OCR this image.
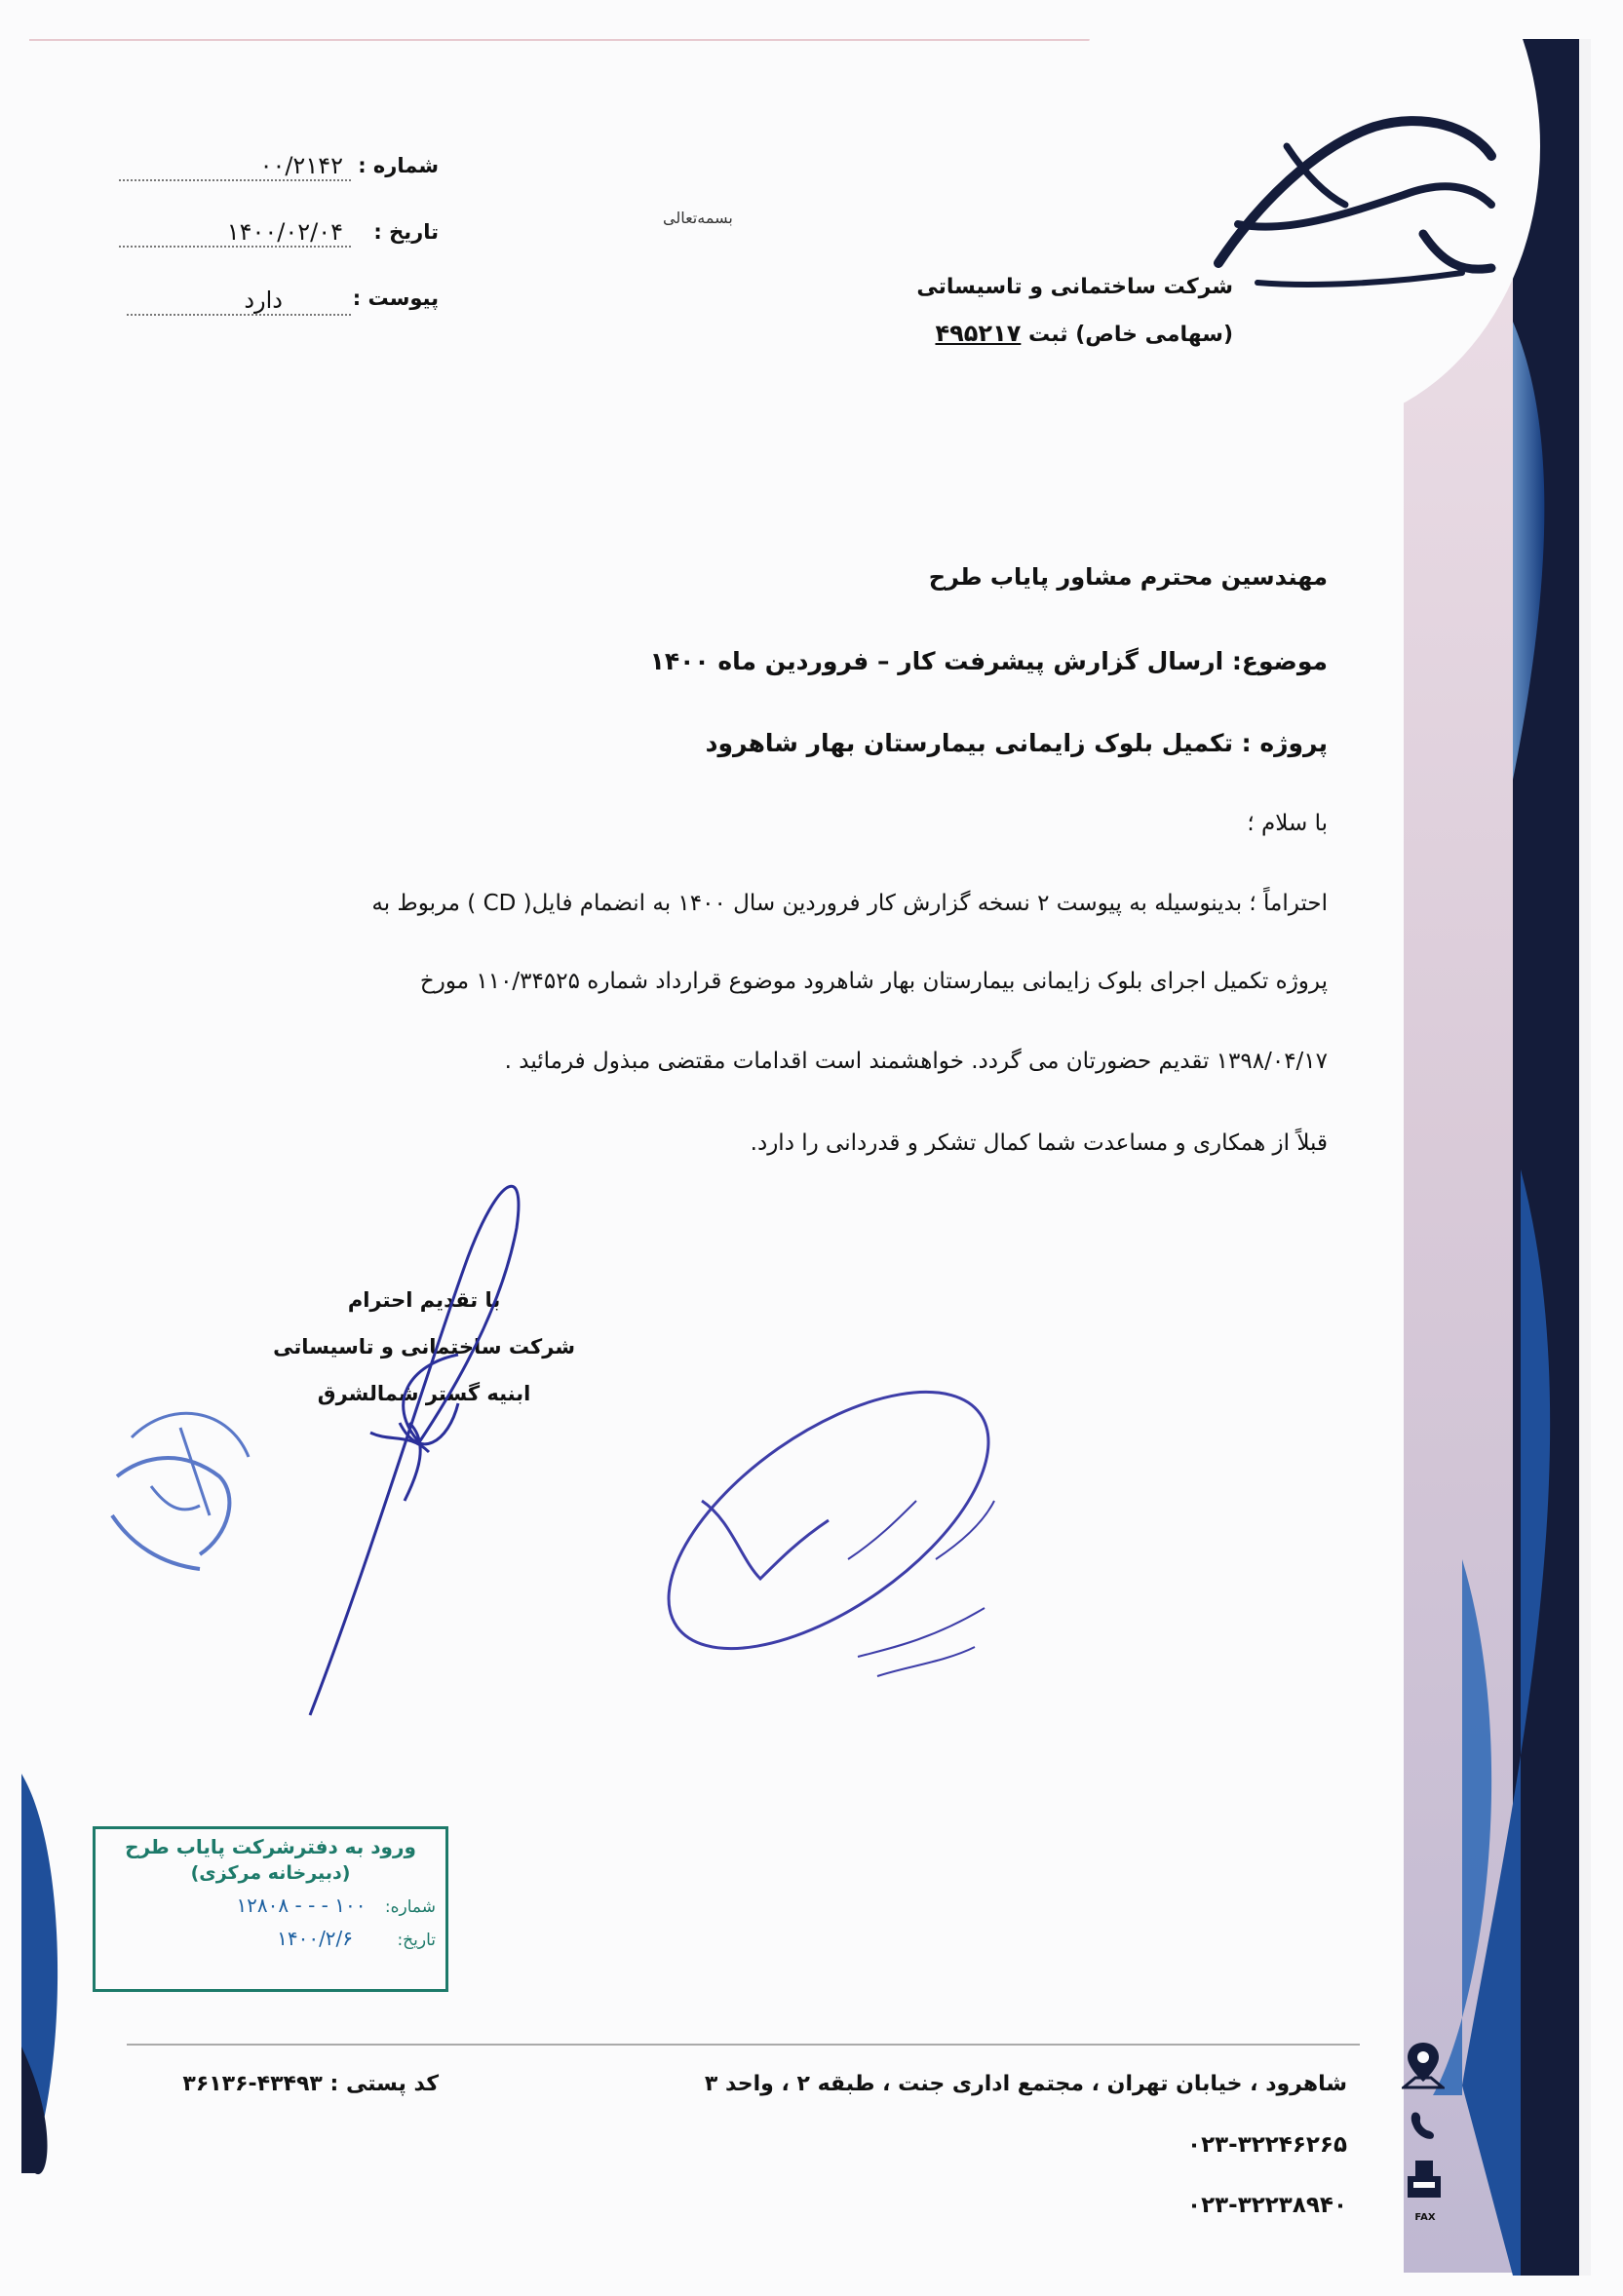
شرکت ساختمانی و تاسیساتی
(سهامی خاص) ثبت ۴۹۵۲۱۷
بسمه‌تعالی
شماره :
۰۰/۲۱۴۲
تاریخ :
۱۴۰۰/۰۲/۰۴
پیوست :
دارد
مهندسین محترم مشاور پایاب طرح
موضوع: ارسال گزارش پیشرفت کار – فروردین ماه ۱۴۰۰
پروژه : تکمیل بلوک زایمانی بیمارستان بهار شاهرود
با سلام ؛
احتراماً ؛ بدینوسیله به پیوست ۲ نسخه گزارش کار فروردین سال ۱۴۰۰ به انضمام فایل( CD ) مربوط به
پروژه تکمیل اجرای بلوک زایمانی بیمارستان بهار شاهرود موضوع قرارداد شماره ۱۱۰/۳۴۵۲۵ مورخ
۱۳۹۸/۰۴/۱۷ تقدیم حضورتان می گردد. خواهشمند است اقدامات مقتضی مبذول فرمائید .
قبلاً از همکاری و مساعدت شما کمال تشکر و قدردانی را دارد.
با تقدیم احترام
شرکت ساختمانی و تاسیساتی
ابنیه گستر شمالشرق
ورود به دفترشرکت پایاب طرح
(دبیرخانه مرکزی)
شماره: ۱۰۰ - - - ۱۲۸۰۸
تاریخ: ۱۴۰۰/۲/۶
شاهرود ، خیابان تهران ، مجتمع اداری جنت ، طبقه ۲ ، واحد ۳
کد پستی : ۴۳۴۹۳-۳۶۱۳۶
۰۲۳-۳۲۲۴۶۲۶۵
۰۲۳-۳۲۲۳۸۹۴۰	FAX
